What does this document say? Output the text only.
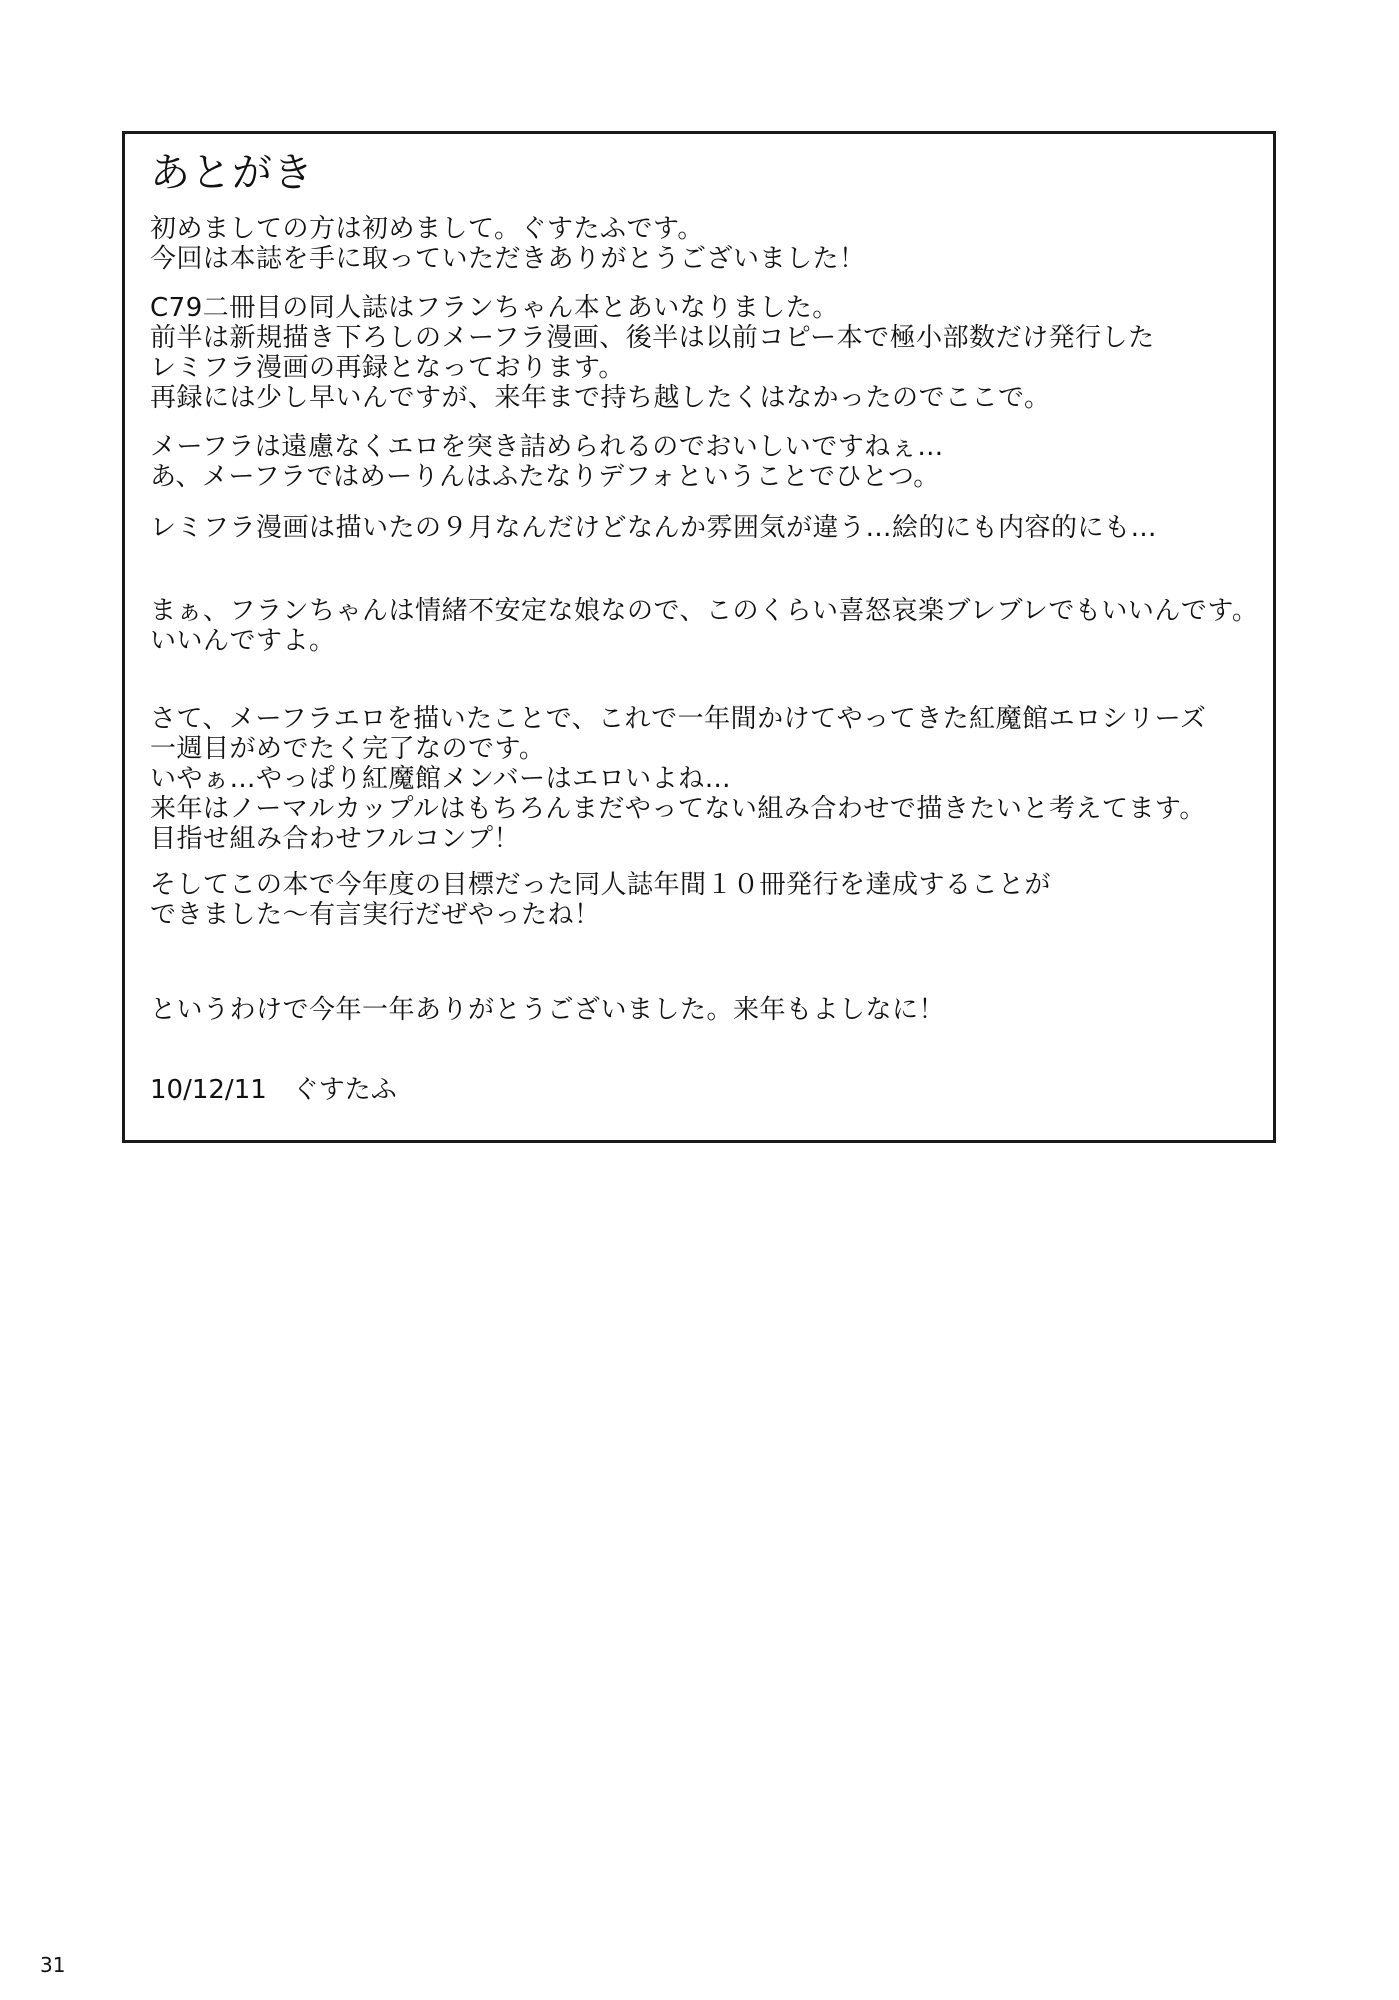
あとがき

初めましての方は初めまして。ぐすたふです。
今回は本誌を手に取っていただきありがとうございました！

C79二冊目の同人誌はフランちゃん本とあいなりました。
前半は新規描き下ろしのメーフラ漫画、後半は以前コピー本で極小部数だけ発行した
レミフラ漫画の再録となっております。
再録には少し早いんですが、来年まで持ち越したくはなかったのでここで。

メーフラは遠慮なくエロを突き詰められるのでおいしいですねぇ…
あ、メーフラではめーりんはふたなりデフォということでひとつ。

レミフラ漫画は描いたの９月なんだけどなんか雰囲気が違う…絵的にも内容的にも…

まぁ、フランちゃんは情緒不安定な娘なので、このくらい喜怒哀楽ブレブレでもいいんです。
いいんですよ。

さて、メーフラエロを描いたことで、これで一年間かけてやってきた紅魔館エロシリーズ
一週目がめでたく完了なのです。
いやぁ…やっぱり紅魔館メンバーはエロいよね…
来年はノーマルカップルはもちろんまだやってない組み合わせで描きたいと考えてます。
目指せ組み合わせフルコンプ！

そしてこの本で今年度の目標だった同人誌年間１０冊発行を達成することが
できました～有言実行だぜやったね！

というわけで今年一年ありがとうございました。来年もよしなに！

10/12/11 ぐすたふ
31
